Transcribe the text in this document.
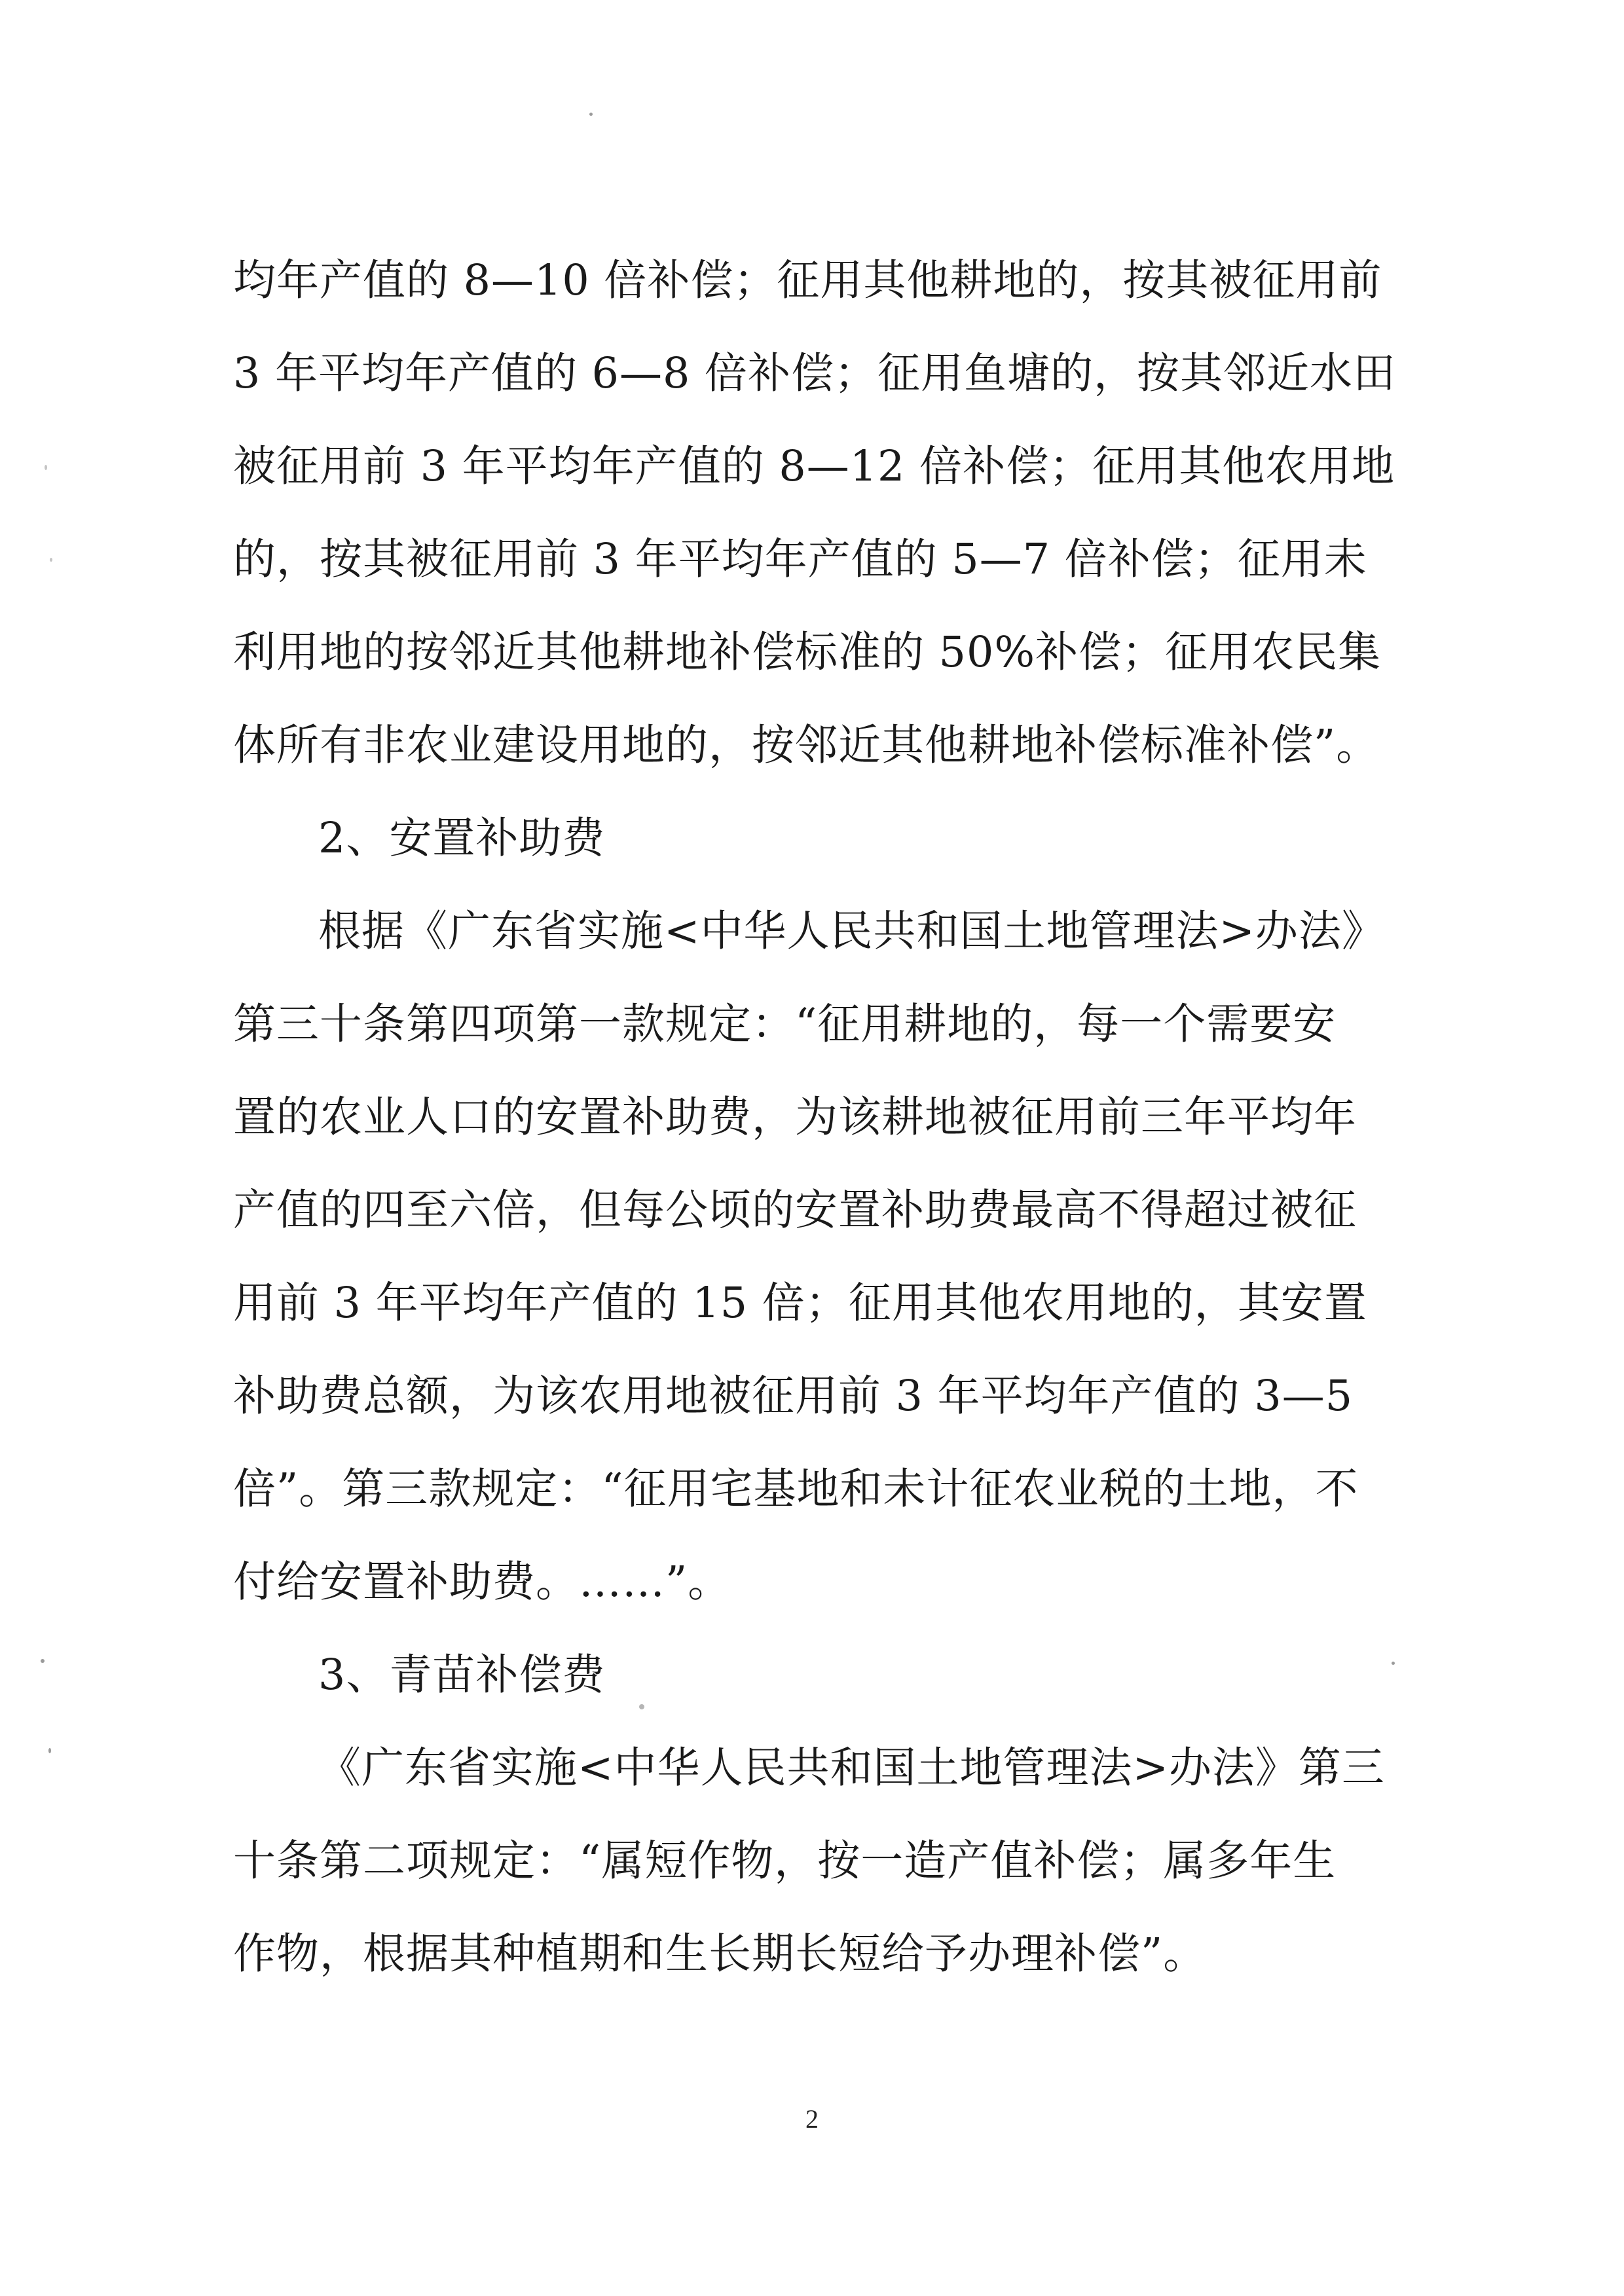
均年产值的 8—10 倍补偿；征用其他耕地的，按其被征用前
3 年平均年产值的 6—8 倍补偿；征用鱼塘的，按其邻近水田
被征用前 3 年平均年产值的 8—12 倍补偿；征用其他农用地
的，按其被征用前 3 年平均年产值的 5—7 倍补偿；征用未
利用地的按邻近其他耕地补偿标准的 50%补偿；征用农民集
体所有非农业建设用地的，按邻近其他耕地补偿标准补偿”。
2、安置补助费
根据《广东省实施<中华人民共和国土地管理法>办法》
第三十条第四项第一款规定：“征用耕地的，每一个需要安
置的农业人口的安置补助费，为该耕地被征用前三年平均年
产值的四至六倍，但每公顷的安置补助费最高不得超过被征
用前 3 年平均年产值的 15 倍；征用其他农用地的，其安置
补助费总额，为该农用地被征用前 3 年平均年产值的 3—5
倍”。第三款规定：“征用宅基地和未计征农业税的土地，不
付给安置补助费。……”。
3、青苗补偿费
《广东省实施<中华人民共和国土地管理法>办法》第三
十条第二项规定：“属短作物，按一造产值补偿；属多年生
作物，根据其种植期和生长期长短给予办理补偿”。
2
